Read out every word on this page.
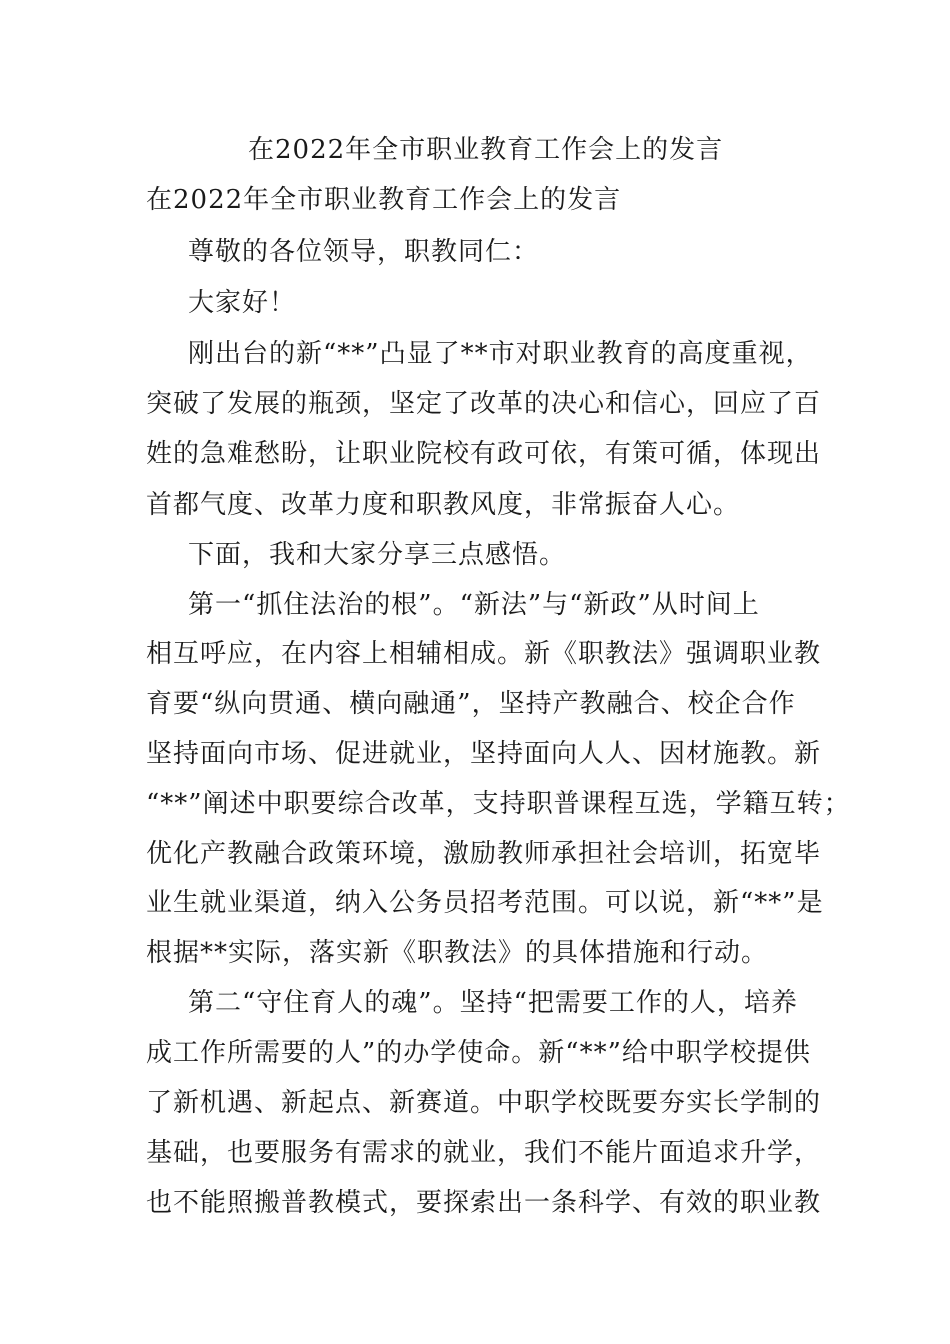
在2022年全市职业教育工作会上的发言
在2022年全市职业教育工作会上的发言
尊敬的各位领导，职教同仁：
大家好！
刚出台的新“**”凸显了**市对职业教育的高度重视，
突破了发展的瓶颈，坚定了改革的决心和信心，回应了百
姓的急难愁盼，让职业院校有政可依，有策可循，体现出
首都气度、改革力度和职教风度，非常振奋人心。
下面，我和大家分享三点感悟。
第一“抓住法治的根”。“新法”与“新政”从时间上
相互呼应，在内容上相辅相成。新《职教法》强调职业教
育要“纵向贯通、横向融通”，坚持产教融合、校企合作
坚持面向市场、促进就业，坚持面向人人、因材施教。新
“**”阐述中职要综合改革，支持职普课程互选，学籍互转；
优化产教融合政策环境，激励教师承担社会培训，拓宽毕
业生就业渠道，纳入公务员招考范围。可以说，新“**”是
根据**实际，落实新《职教法》的具体措施和行动。
第二“守住育人的魂”。坚持“把需要工作的人，培养
成工作所需要的人”的办学使命。新“**”给中职学校提供
了新机遇、新起点、新赛道。中职学校既要夯实长学制的
基础，也要服务有需求的就业，我们不能片面追求升学，
也不能照搬普教模式，要探索出一条科学、有效的职业教
